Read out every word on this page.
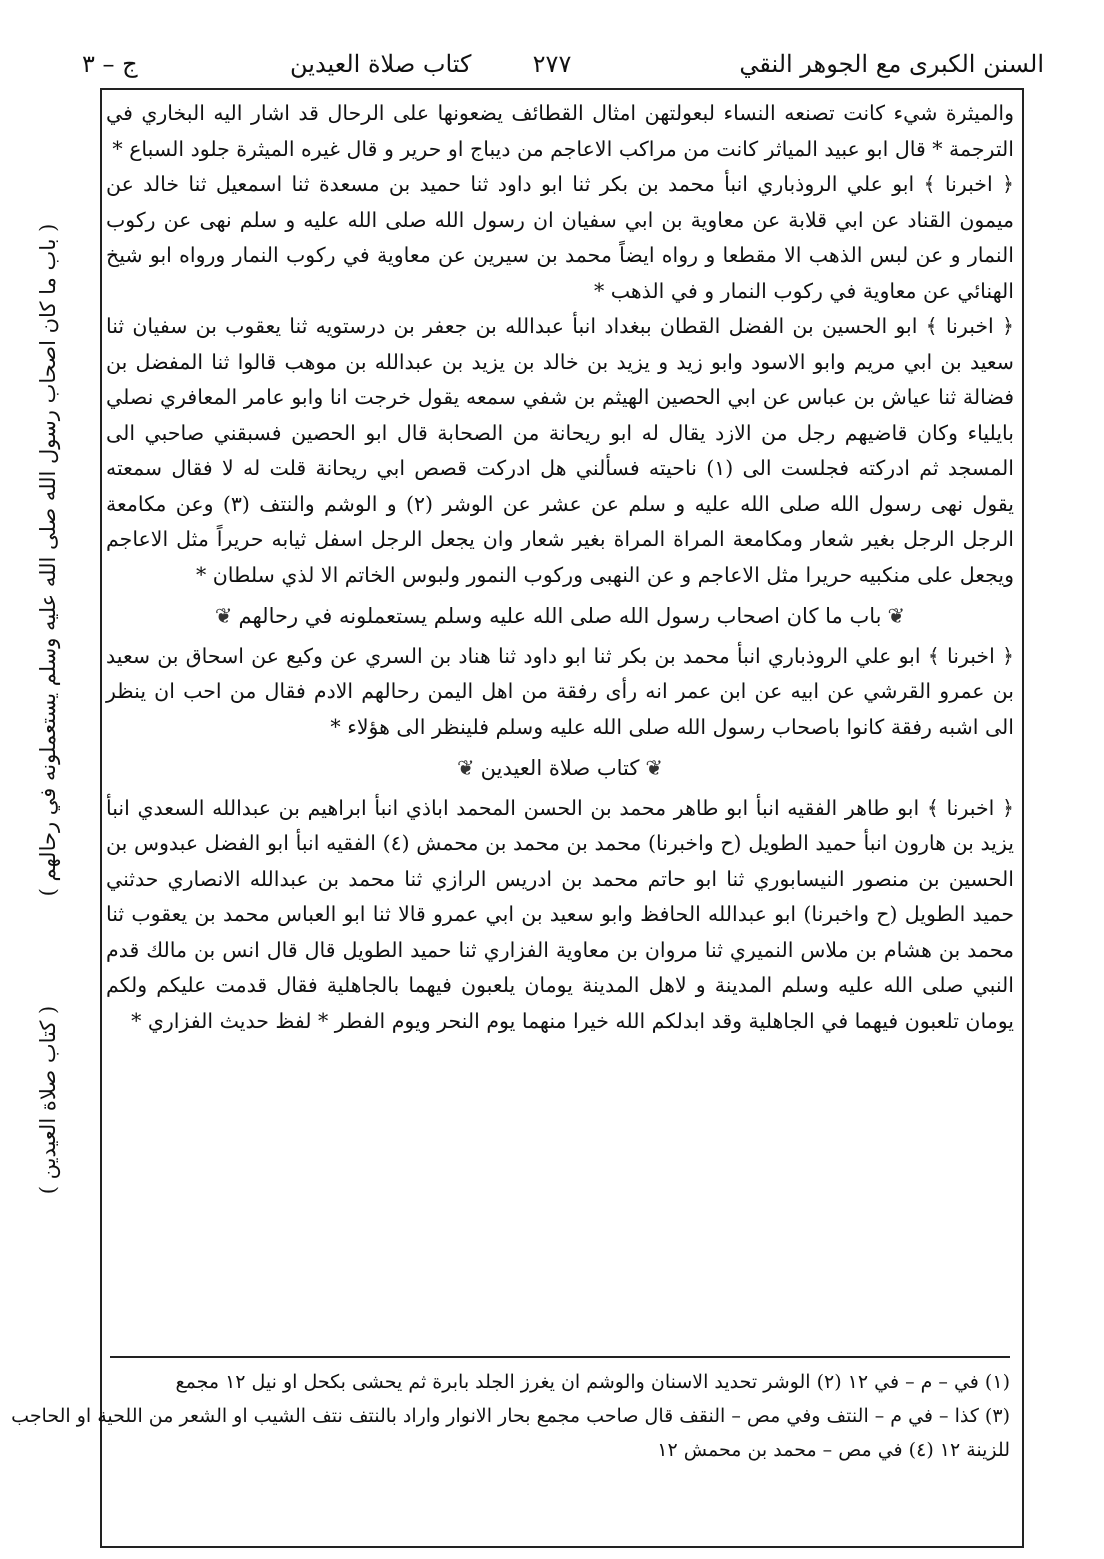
السنن الكبرى مع الجوهر النقي
٢٧٧
كتاب صلاة العيدين
ج – ٣

والميثرة شيء كانت تصنعه النساء لبعولتهن امثال القطائف يضعونها على الرحال قد اشار اليه البخاري في الترجمة * قال ابو عبيد المياثر كانت من مراكب الاعاجم من ديباج او حرير و قال غيره الميثرة جلود السباع *

﴿ اخبرنا ﴾ ابو علي الروذباري انبأ محمد بن بكر ثنا ابو داود ثنا حميد بن مسعدة ثنا اسمعيل ثنا خالد عن ميمون القناد عن ابي قلابة عن معاوية بن ابي سفيان ان رسول الله صلى الله عليه و سلم نهى عن ركوب النمار و عن لبس الذهب الا مقطعا و رواه ايضاً محمد بن سيرين عن معاوية في ركوب النمار ورواه ابو شيخ الهنائي عن معاوية في ركوب النمار و في الذهب *

﴿ اخبرنا ﴾ ابو الحسين بن الفضل القطان ببغداد انبأ عبدالله بن جعفر بن درستويه ثنا يعقوب بن سفيان ثنا سعيد بن ابي مريم وابو الاسود وابو زيد و يزيد بن خالد بن يزيد بن عبدالله بن موهب قالوا ثنا المفضل بن فضالة ثنا عياش بن عباس عن ابي الحصين الهيثم بن شفي سمعه يقول خرجت انا وابو عامر المعافري نصلي بايلياء وكان قاضيهم رجل من الازد يقال له ابو ريحانة من الصحابة قال ابو الحصين فسبقني صاحبي الى المسجد ثم ادركته فجلست الى (١) ناحيته فسألني هل ادركت قصص ابي ريحانة قلت له لا فقال سمعته يقول نهى رسول الله صلى الله عليه و سلم عن عشر عن الوشر (٢) و الوشم والنتف (٣) وعن مكامعة الرجل الرجل بغير شعار ومكامعة المراة المراة بغير شعار وان يجعل الرجل اسفل ثيابه حريراً مثل الاعاجم ويجعل على منكبيه حريرا مثل الاعاجم و عن النهبى وركوب النمور ولبوس الخاتم الا لذي سلطان *

❦باب ما كان اصحاب رسول الله صلى الله عليه وسلم يستعملونه في رحالهم❦

﴿ اخبرنا ﴾ ابو علي الروذباري انبأ محمد بن بكر ثنا ابو داود ثنا هناد بن السري عن وكيع عن اسحاق بن سعيد بن عمرو القرشي عن ابيه عن ابن عمر انه رأى رفقة من اهل اليمن رحالهم الادم فقال من احب ان ينظر الى اشبه رفقة كانوا باصحاب رسول الله صلى الله عليه وسلم فلينظر الى هؤلاء *

❦كتاب صلاة العيدين❦

﴿ اخبرنا ﴾ ابو طاهر الفقيه انبأ ابو طاهر محمد بن الحسن المحمد اباذي انبأ ابراهيم بن عبدالله السعدي انبأ يزيد بن هارون انبأ حميد الطويل (ح واخبرنا) محمد بن محمد بن محمش (٤) الفقيه انبأ ابو الفضل عبدوس بن الحسين بن منصور النيسابوري ثنا ابو حاتم محمد بن ادريس الرازي ثنا محمد بن عبدالله الانصاري حدثني حميد الطويل (ح واخبرنا) ابو عبدالله الحافظ وابو سعيد بن ابي عمرو قالا ثنا ابو العباس محمد بن يعقوب ثنا محمد بن هشام بن ملاس النميري ثنا مروان بن معاوية الفزاري ثنا حميد الطويل قال قال انس بن مالك قدم النبي صلى الله عليه وسلم المدينة و لاهل المدينة يومان يلعبون فيهما بالجاهلية فقال قدمت عليكم ولكم يومان تلعبون فيهما في الجاهلية وقد ابدلكم الله خيرا منهما يوم النحر ويوم الفطر * لفظ حديث الفزاري *

(١) في – م – في ١٢ (٢) الوشر تحديد الاسنان والوشم ان يغرز الجلد بابرة ثم يحشى بكحل او نيل ١٢ مجمع
(٣) كذا – في م – النتف وفي مص – النقف قال صاحب مجمع بحار الانوار واراد بالنتف نتف الشيب او الشعر من اللحية او الحاجب
للزينة ١٢ (٤) في مص – محمد بن محمش ١٢
( باب ما كان اصحاب رسول الله صلى الله عليه وسلم يستعملونه في رحالهم )
( كتاب صلاة العيدين )
